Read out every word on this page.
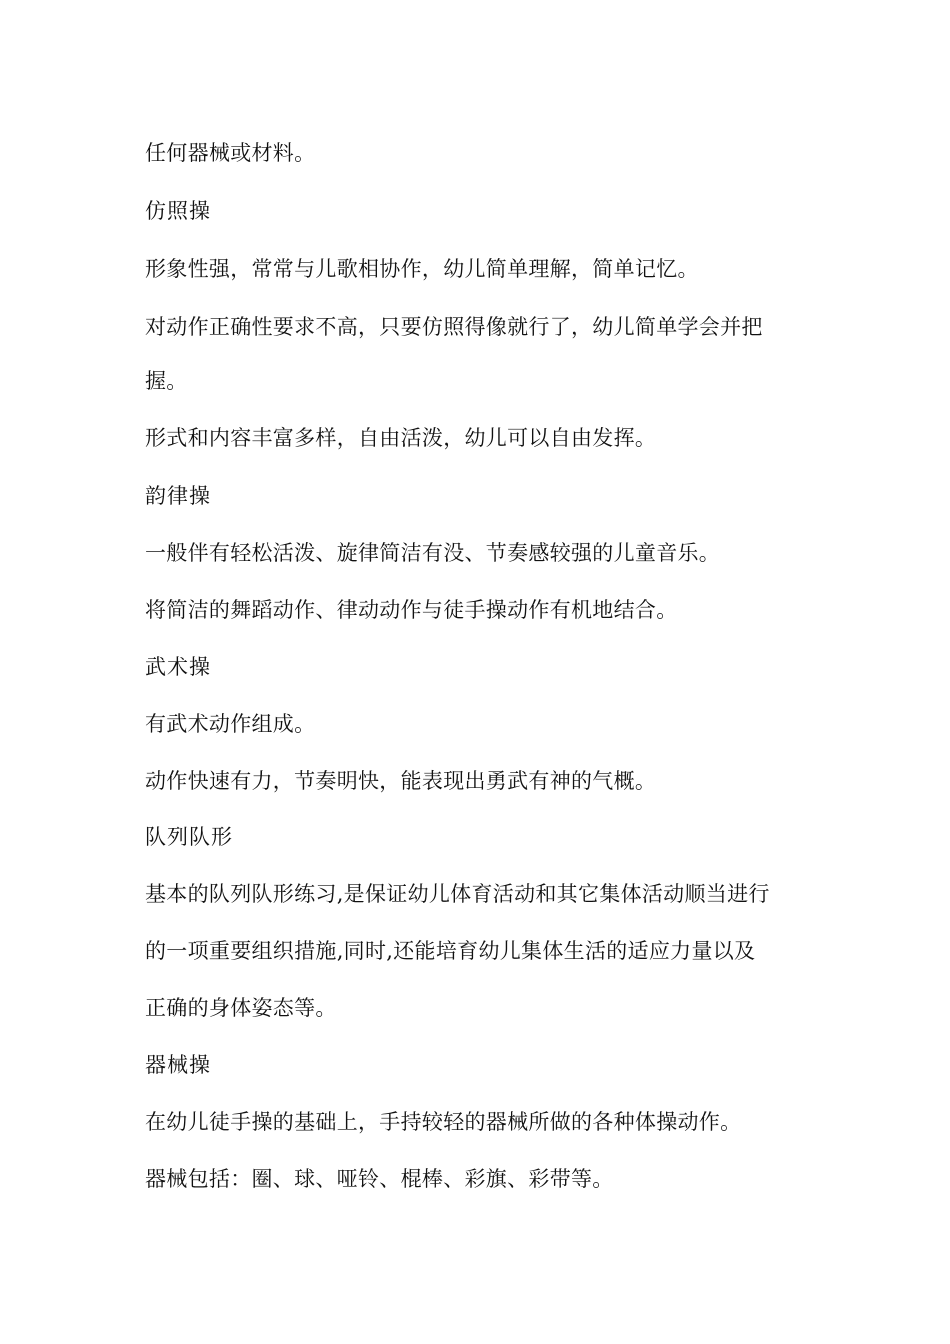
任何器械或材料。

仿照操

形象性强，常常与儿歌相协作，幼儿简单理解，简单记忆。

对动作正确性要求不高，只要仿照得像就行了，幼儿简单学会并把

握。

形式和内容丰富多样，自由活泼，幼儿可以自由发挥。

韵律操

一般伴有轻松活泼、旋律简洁有没、节奏感较强的儿童音乐。

将简洁的舞蹈动作、律动动作与徒手操动作有机地结合。

武术操

有武术动作组成。

动作快速有力，节奏明快，能表现出勇武有神的气概。

队列队形

基本的队列队形练习,是保证幼儿体育活动和其它集体活动顺当进行

的一项重要组织措施,同时,还能培育幼儿集体生活的适应力量以及

正确的身体姿态等。

器械操

在幼儿徒手操的基础上，手持较轻的器械所做的各种体操动作。

器械包括：圈、球、哑铃、棍棒、彩旗、彩带等。
